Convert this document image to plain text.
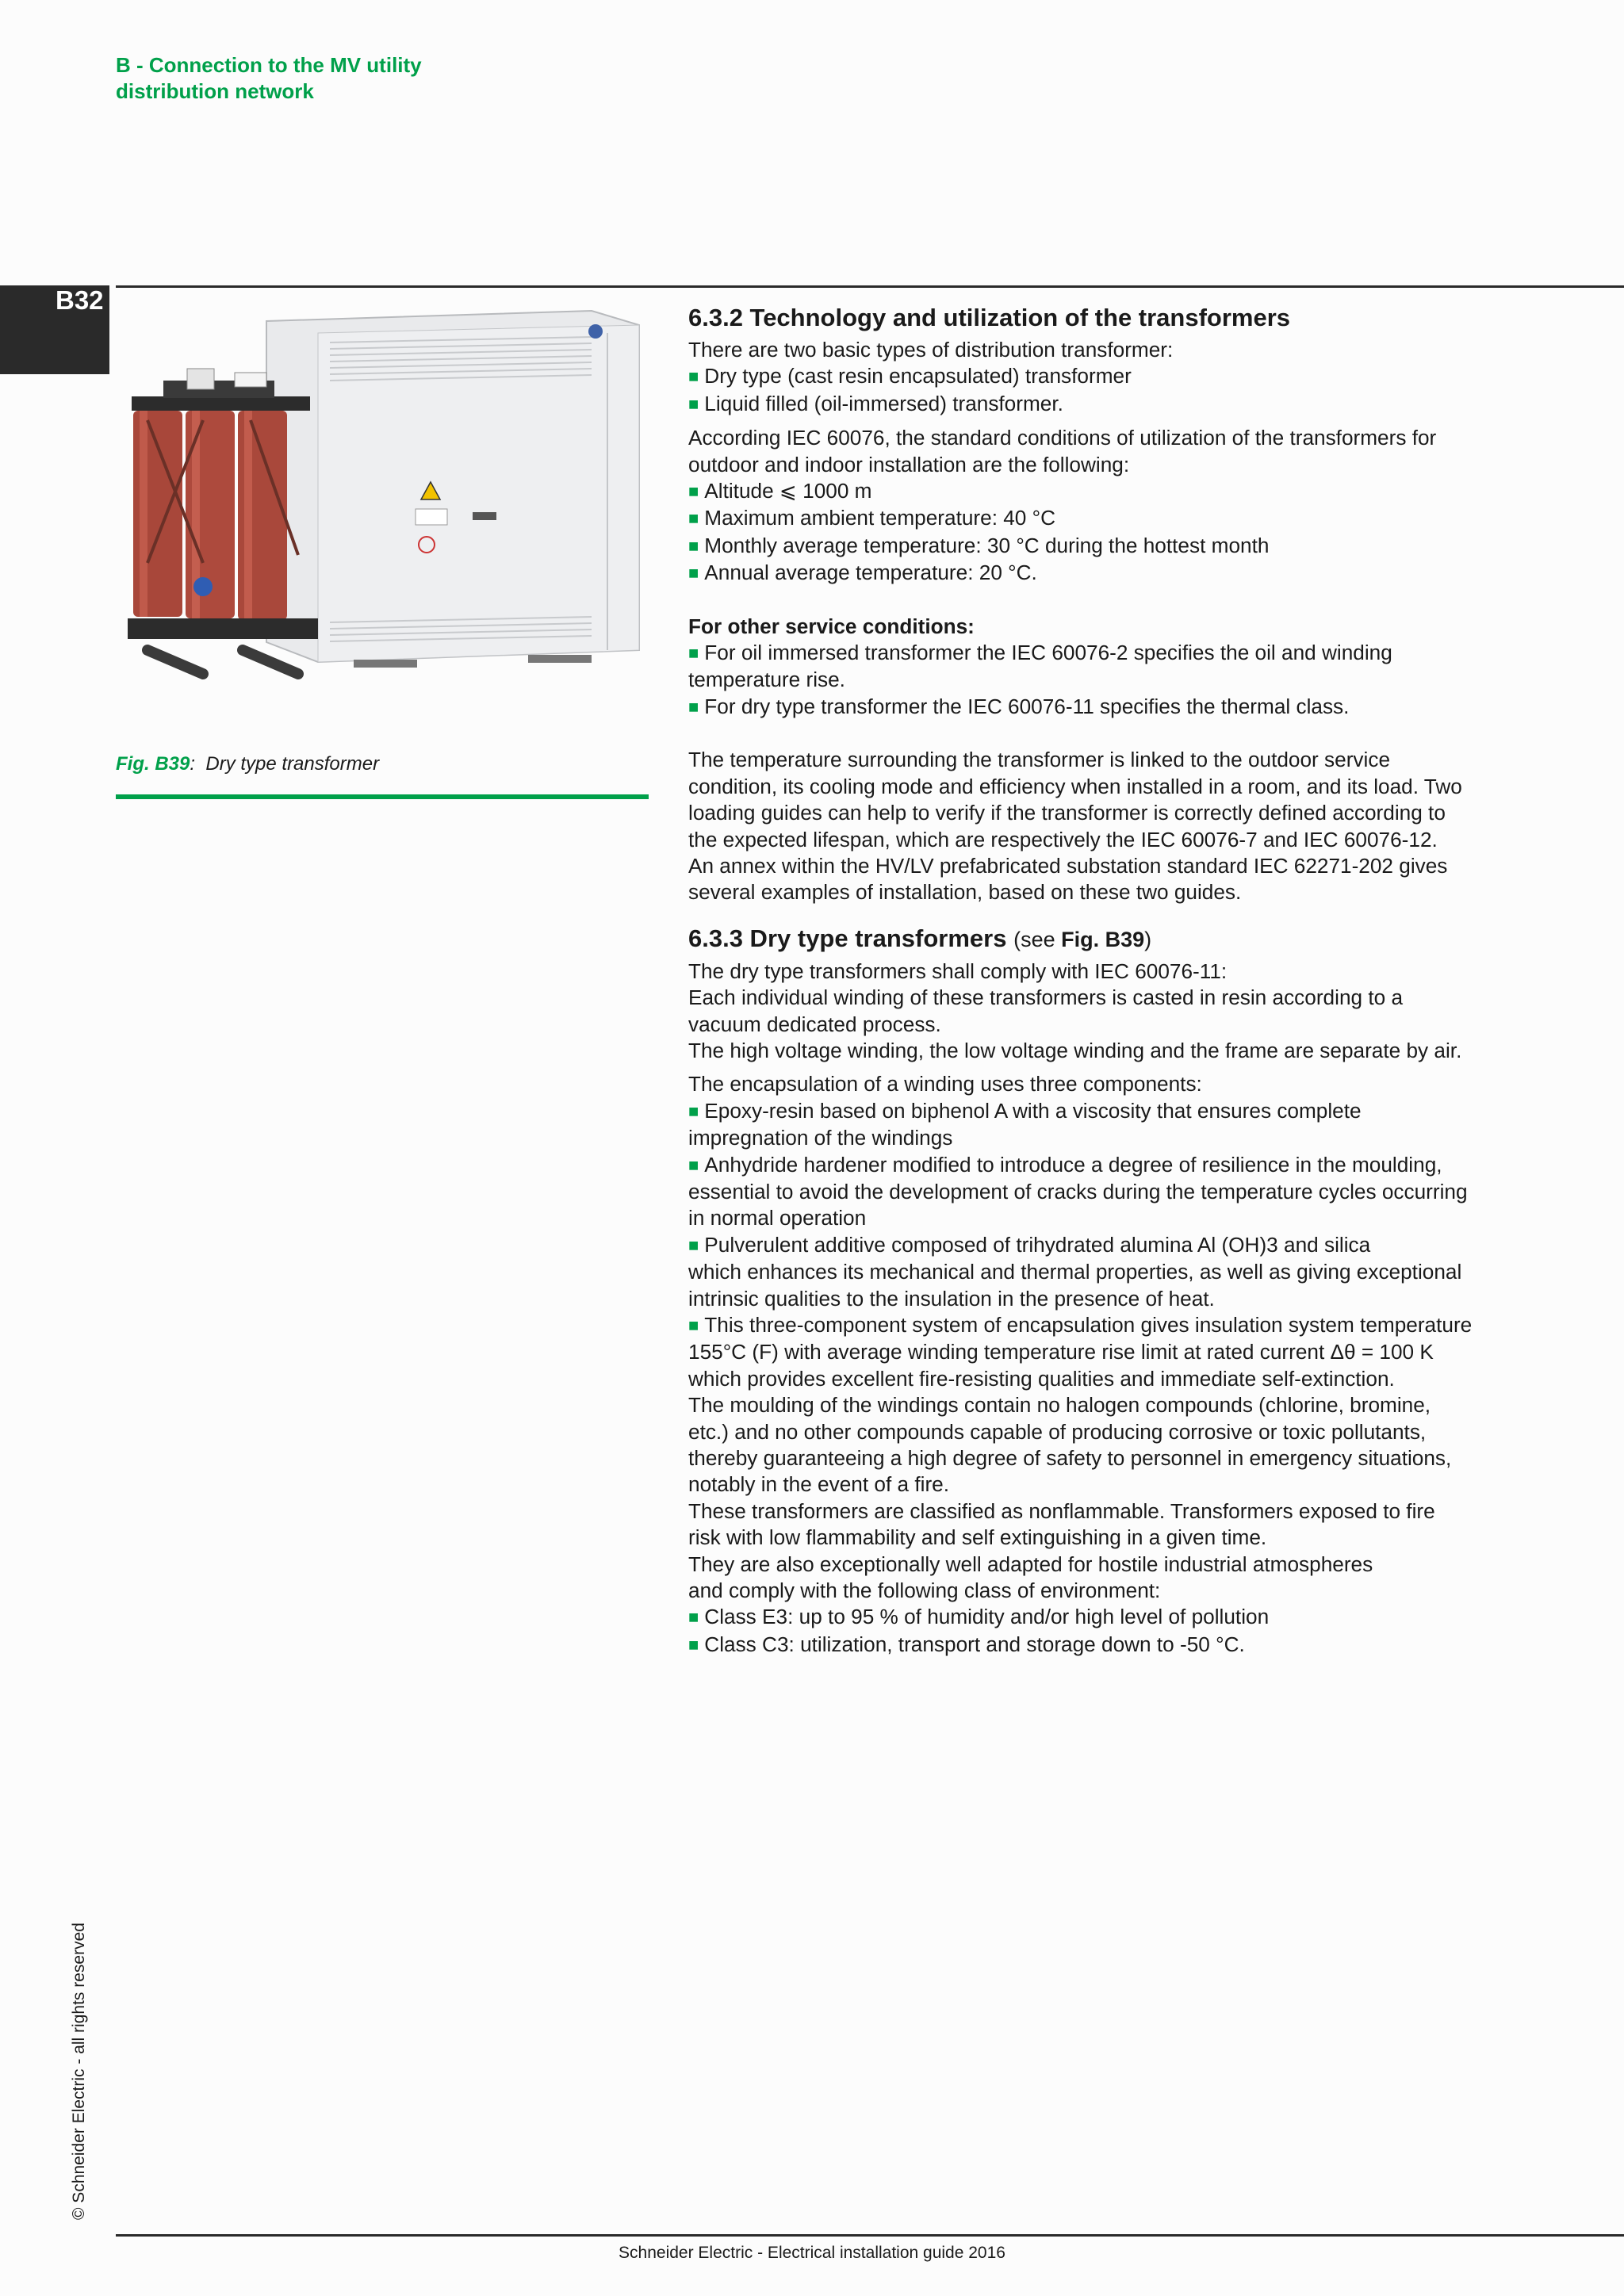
B - Connection to the MV utility
distribution network
B32
Fig. B39:  Dry type transformer
6.3.2 Technology and utilization of the transformers

There are two basic types of distribution transformer:

■ Dry type (cast resin encapsulated) transformer

■ Liquid filled (oil-immersed) transformer.

According IEC 60076, the standard conditions of utilization of the transformers for

outdoor and indoor installation are the following:

■ Altitude ⩽ 1000 m

■ Maximum ambient temperature: 40 °C

■ Monthly average temperature: 30 °C during the hottest month

■ Annual average temperature: 20 °C.

For other service conditions:

■ For oil immersed transformer the IEC 60076-2 specifies the oil and winding

temperature rise.

■ For dry type transformer the IEC 60076-11 specifies the thermal class.

The temperature surrounding the transformer is linked to the outdoor service

condition, its cooling mode and efficiency when installed in a room, and its load. Two

loading guides can help to verify if the transformer is correctly defined according to

the expected lifespan, which are respectively the IEC 60076-7 and IEC 60076-12.

An annex within the HV/LV prefabricated substation standard IEC 62271-202 gives

several examples of installation, based on these two guides.

6.3.3 Dry type transformers (see Fig. B39)

The dry type transformers shall comply with IEC 60076-11:

Each individual winding of these transformers is casted in resin according to a

vacuum dedicated process.

The high voltage winding, the low voltage winding and the frame are separate by air.

The encapsulation of a winding uses three components:

■ Epoxy-resin based on biphenol A with a viscosity that ensures complete

impregnation of the windings

■ Anhydride hardener modified to introduce a degree of resilience in the moulding,

essential to avoid the development of cracks during the temperature cycles occurring

in normal operation

■ Pulverulent additive composed of trihydrated alumina Al (OH)3 and silica

which enhances its mechanical and thermal properties, as well as giving exceptional

intrinsic qualities to the insulation in the presence of heat.

■ This three-component system of encapsulation gives insulation system temperature

155°C (F) with average winding temperature rise limit at rated current Δθ = 100 K

which provides excellent fire-resisting qualities and immediate self-extinction.

The moulding of the windings contain no halogen compounds (chlorine, bromine,

etc.) and no other compounds capable of producing corrosive or toxic pollutants,

thereby guaranteeing a high degree of safety to personnel in emergency situations,

notably in the event of a fire.

These transformers are classified as nonflammable. Transformers exposed to fire

risk with low flammability and self extinguishing in a given time.

They are also exceptionally well adapted for hostile industrial atmospheres

and comply with the following class of environment:

■ Class E3: up to 95 % of humidity and/or high level of pollution

■ Class C3: utilization, transport and storage down to -50 °C.

© Schneider Electric - all rights reserved
Schneider Electric - Electrical installation guide 2016
